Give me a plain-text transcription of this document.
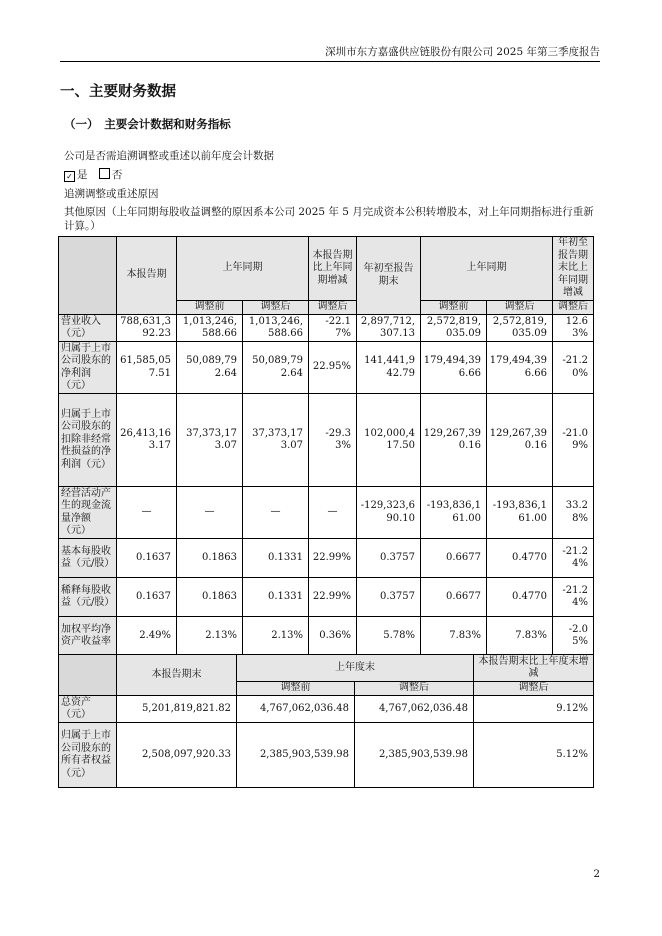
深圳市东方嘉盛供应链股份有限公司 2025 年第三季度报告
一、主要财务数据
（一）　主要会计数据和财务指标
公司是否需追溯调整或重述以前年度会计数据
✓ 是 否
追溯调整或重述原因
其他原因（上年同期每股收益调整的原因系本公司 2025 年 5 月完成资本公积转增股本，对上年同期指标进行重新计算。）
	本报告期	上年同期		本报告期比上年同期增减	年初至报告期末	上年同期		年初至报告期末比上年同期增减
		调整前	调整后	调整后		调整前	调整后	调整后
营业收入（元）	788,631,392.23	1,013,246,588.66	1,013,246,588.66	-22.17%	2,897,712,307.13	2,572,819,035.09	2,572,819,035.09	12.63%
归属于上市公司股东的净利润（元）	61,585,057.51	50,089,792.64	50,089,792.64	22.95%	141,441,942.79	179,494,396.66	179,494,396.66	-21.20%
归属于上市公司股东的扣除非经常性损益的净利润（元）	26,413,163.17	37,373,173.07	37,373,173.07	-29.33%	102,000,417.50	129,267,390.16	129,267,390.16	-21.09%
经营活动产生的现金流量净额（元）	—	—	—	—	-129,323,690.10	-193,836,161.00	-193,836,161.00	33.28%
基本每股收益（元/股）	0.1637	0.1863	0.1331	22.99%	0.3757	0.6677	0.4770	-21.24%
稀释每股收益（元/股）	0.1637	0.1863	0.1331	22.99%	0.3757	0.6677	0.4770	-21.24%
加权平均净资产收益率	2.49%	2.13%	2.13%	0.36%	5.78%	7.83%	7.83%	-2.05%
	本报告期末	上年度末		本报告期末比上年度末增减
		调整前	调整后	调整后
总资产（元）	5,201,819,821.82	4,767,062,036.48	4,767,062,036.48	9.12%
归属于上市公司股东的所有者权益（元）	2,508,097,920.33	2,385,903,539.98	2,385,903,539.98	5.12%
2
